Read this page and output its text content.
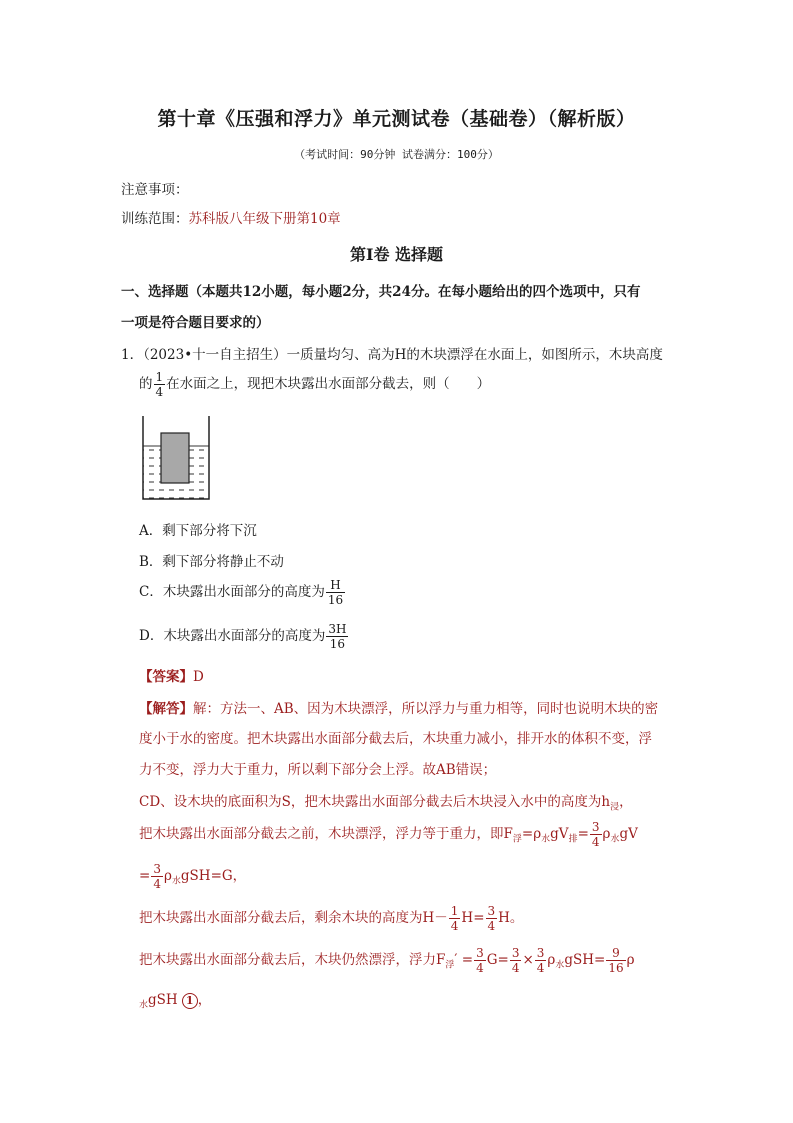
第十章《压强和浮力》单元测试卷（基础卷）（解析版）
（考试时间：90分钟 试卷满分：100分）
注意事项：
训练范围：苏科版八年级下册第10章
第Ⅰ卷 选择题
一、选择题（本题共12小题，每小题2分，共24分。在每小题给出的四个选项中，只有
一项是符合题目要求的）
1．（2023•十一自主招生）一质量均匀、高为H的木块漂浮在水面上，如图所示，木块高度
的 $\frac{1}{4}$ 在水面之上，现把木块露出水面部分截去，则（　　）
A．剩下部分将下沉
B．剩下部分将静止不动
C．木块露出水面部分的高度为 $\frac{H}{16}$
D．木块露出水面部分的高度为 $\frac{3H}{16}$
【答案】D
【解答】解：方法一、AB、因为木块漂浮，所以浮力与重力相等，同时也说明木块的密
度小于水的密度。把木块露出水面部分截去后，木块重力减小，排开水的体积不变，浮
力不变，浮力大于重力，所以剩下部分会上浮。故AB错误；
CD、设木块的底面积为S，把木块露出水面部分截去后木块浸入水中的高度为$h_浸$，
把木块露出水面部分截去之前，木块漂浮，浮力等于重力，即$F_浮=\rho_水gV_排= \frac{3}{4} \rho_水gV$
= $\frac{3}{4} \rho_水gSH=G$，
把木块露出水面部分截去后，剩余木块的高度为$H- \frac{1}{4} H= \frac{3}{4}$ H。
把木块露出水面部分截去后，木块仍然漂浮，浮力$F_浮' = \frac{3}{4} G= \frac{3}{4} \times \frac{3}{4} \rho_水gSH= \frac{9}{16}$ ρ
$_水$gSH 1 ，
